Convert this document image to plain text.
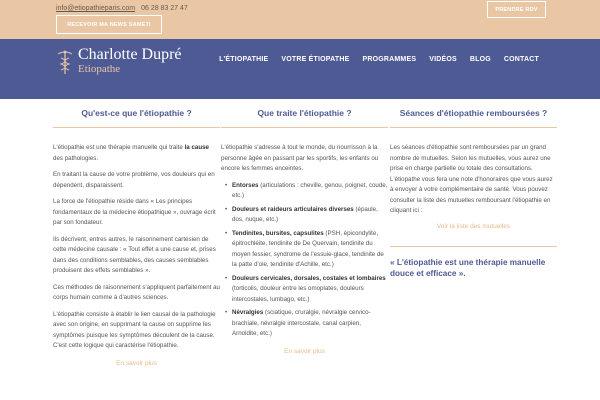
info@etiopathieparis.com 06 28 83 27 47
RECEVOIR MA NEWS SAMETI
PRENDRE RDV
Charlotte Dupré
Etiopathe
L'ÉTIOPATHIE VOTRE ÉTIOPATHE PROGRAMMES VIDÉOS BLOG CONTACT
Qu'est-ce que l'étiopathie ?

L'étiopathie est une thérapie manuelle qui traite la cause des pathologies.

En traitant la cause de votre problème, vos douleurs qui en dépendent, disparaissent.

La force de l'étiopathie réside dans « Les principes fondamentaux de la médecine étiopathique », ouvrage écrit par son fondateur.

Ils décrivent, entres autres, le raisonnement cartésien de cette médecine causale : « Tout effet a une cause et, prises dans des conditions semblables, des causes semblables produisent des effets semblables ».

Ces méthodes de raisonnement s'appliquent parfaitement au corps humain comme à d'autres sciences.

L'étiopathie consiste à établir le lien causal de la pathologie avec son origine, en supprimant la cause on supprime les symptômes puisque les symptômes découlent de la cause. C'est cette logique qui caractérise l'étiopathie.

En savoir plus
Que traite l'étiopathie ?

L'étiopathie s'adresse à tout le monde, du nourrisson à la personne âgée en passant par les sportifs, les enfants ou encore les femmes enceintes.

• Entorses (articulations : cheville, genou, poignet, coude, etc.)
• Douleurs et raideurs articulaires diverses (épaule, dos, nuque, etc.)
• Tendinites, bursites, capsulites (PSH, épicondylite, épitrochléite, tendinite de De Quervain, tendinite du moyen fessier, syndrome de l'essuie-glace, tendinite de la patte d'oie, tendinite d'Achille, etc.)
• Douleurs cervicales, dorsales, costales et lombaires (torticolis, douleur entre les omoplates, douleurs intercostales, lumbago, etc.)
• Névralgies (sciatique, cruralgie, névralgie cervico-brachiale, névralgie intercostale, canal carpien, Arnoldite, etc.)
En savoir plus
Séances d'étiopathie remboursées ?

Les séances d'étiopathie sont remboursées par un grand nombre de mutuelles. Selon les mutuelles, vous aurez une prise en charge partielle ou totale des consultations. L'étiopathe vous fera une note d'honoraires que vous aurez à envoyer à votre complémentaire de santé. Vous pouvez consulter la liste des mutuelles remboursant l'étiopathie en cliquant ici :

Voir la liste des mutuelles
« L'étiopathie est une thérapie manuelle douce et efficace ».
